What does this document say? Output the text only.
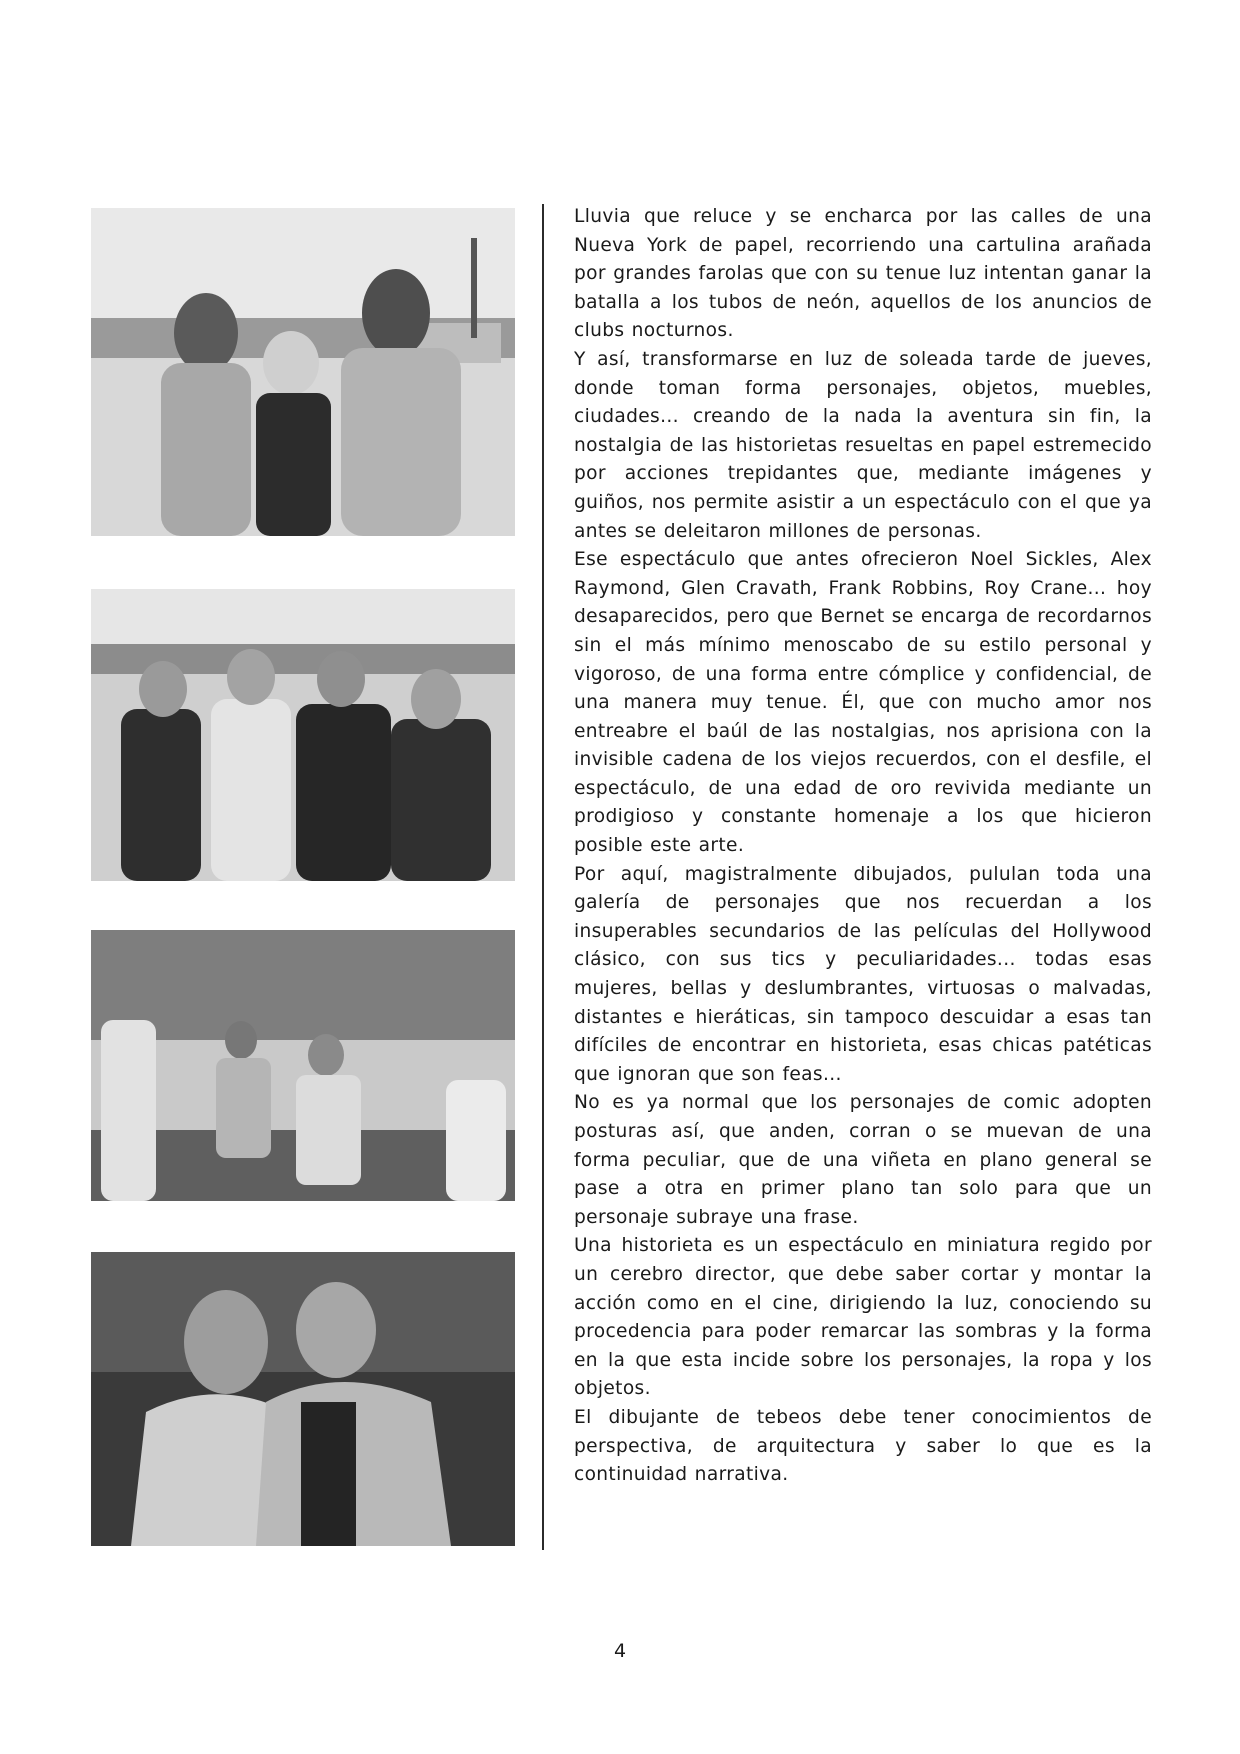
Lluvia que reluce y se encharca por las calles de una Nueva York de papel, recorriendo una cartulina arañada por grandes farolas que con su tenue luz intentan ganar la batalla a los tubos de neón, aquellos de los anuncios de clubs nocturnos.

Y así, transformarse en luz de soleada tarde de jueves, donde toman forma personajes, objetos, muebles, ciudades... creando de la nada la aventura sin fin, la nostalgia de las historietas resueltas en papel estremecido por acciones trepidantes que, mediante imágenes y guiños, nos permite asistir a un espectáculo con el que ya antes se deleitaron millones de personas.

Ese espectáculo que antes ofrecieron Noel Sickles, Alex Raymond, Glen Cravath, Frank Robbins, Roy Crane... hoy desaparecidos, pero que Bernet se encarga de recordarnos sin el más mínimo menoscabo de su estilo personal y vigoroso, de una forma entre cómplice y confidencial, de una manera muy tenue. Él, que con mucho amor nos entreabre el baúl de las nostalgias, nos aprisiona con la invisible cadena de los viejos recuerdos, con el desfile, el espectáculo, de una edad de oro revivida mediante un prodigioso y constante homenaje a los que hicieron posible este arte.

Por aquí, magistralmente dibujados, pululan toda una galería de personajes que nos recuerdan a los insuperables secundarios de las películas del Hollywood clásico, con sus tics y peculiaridades... todas esas mujeres, bellas y deslumbrantes, virtuosas o malvadas, distantes e hieráticas, sin tampoco descuidar a esas tan difíciles de encontrar en historieta, esas chicas patéticas que ignoran que son feas...

No es ya normal que los personajes de comic adopten posturas así, que anden, corran o se muevan de una forma peculiar, que de una viñeta en plano general se pase a otra en primer plano tan solo para que un personaje subraye una frase.

Una historieta es un espectáculo en miniatura regido por un cerebro director, que debe saber cortar y montar la acción como en el cine, dirigiendo la luz, conociendo su procedencia para poder remarcar las sombras y la forma en la que esta incide sobre los personajes, la ropa y los objetos.

El dibujante de tebeos debe tener conocimientos de perspectiva, de arquitectura y saber lo que es la continuidad narrativa.

4
